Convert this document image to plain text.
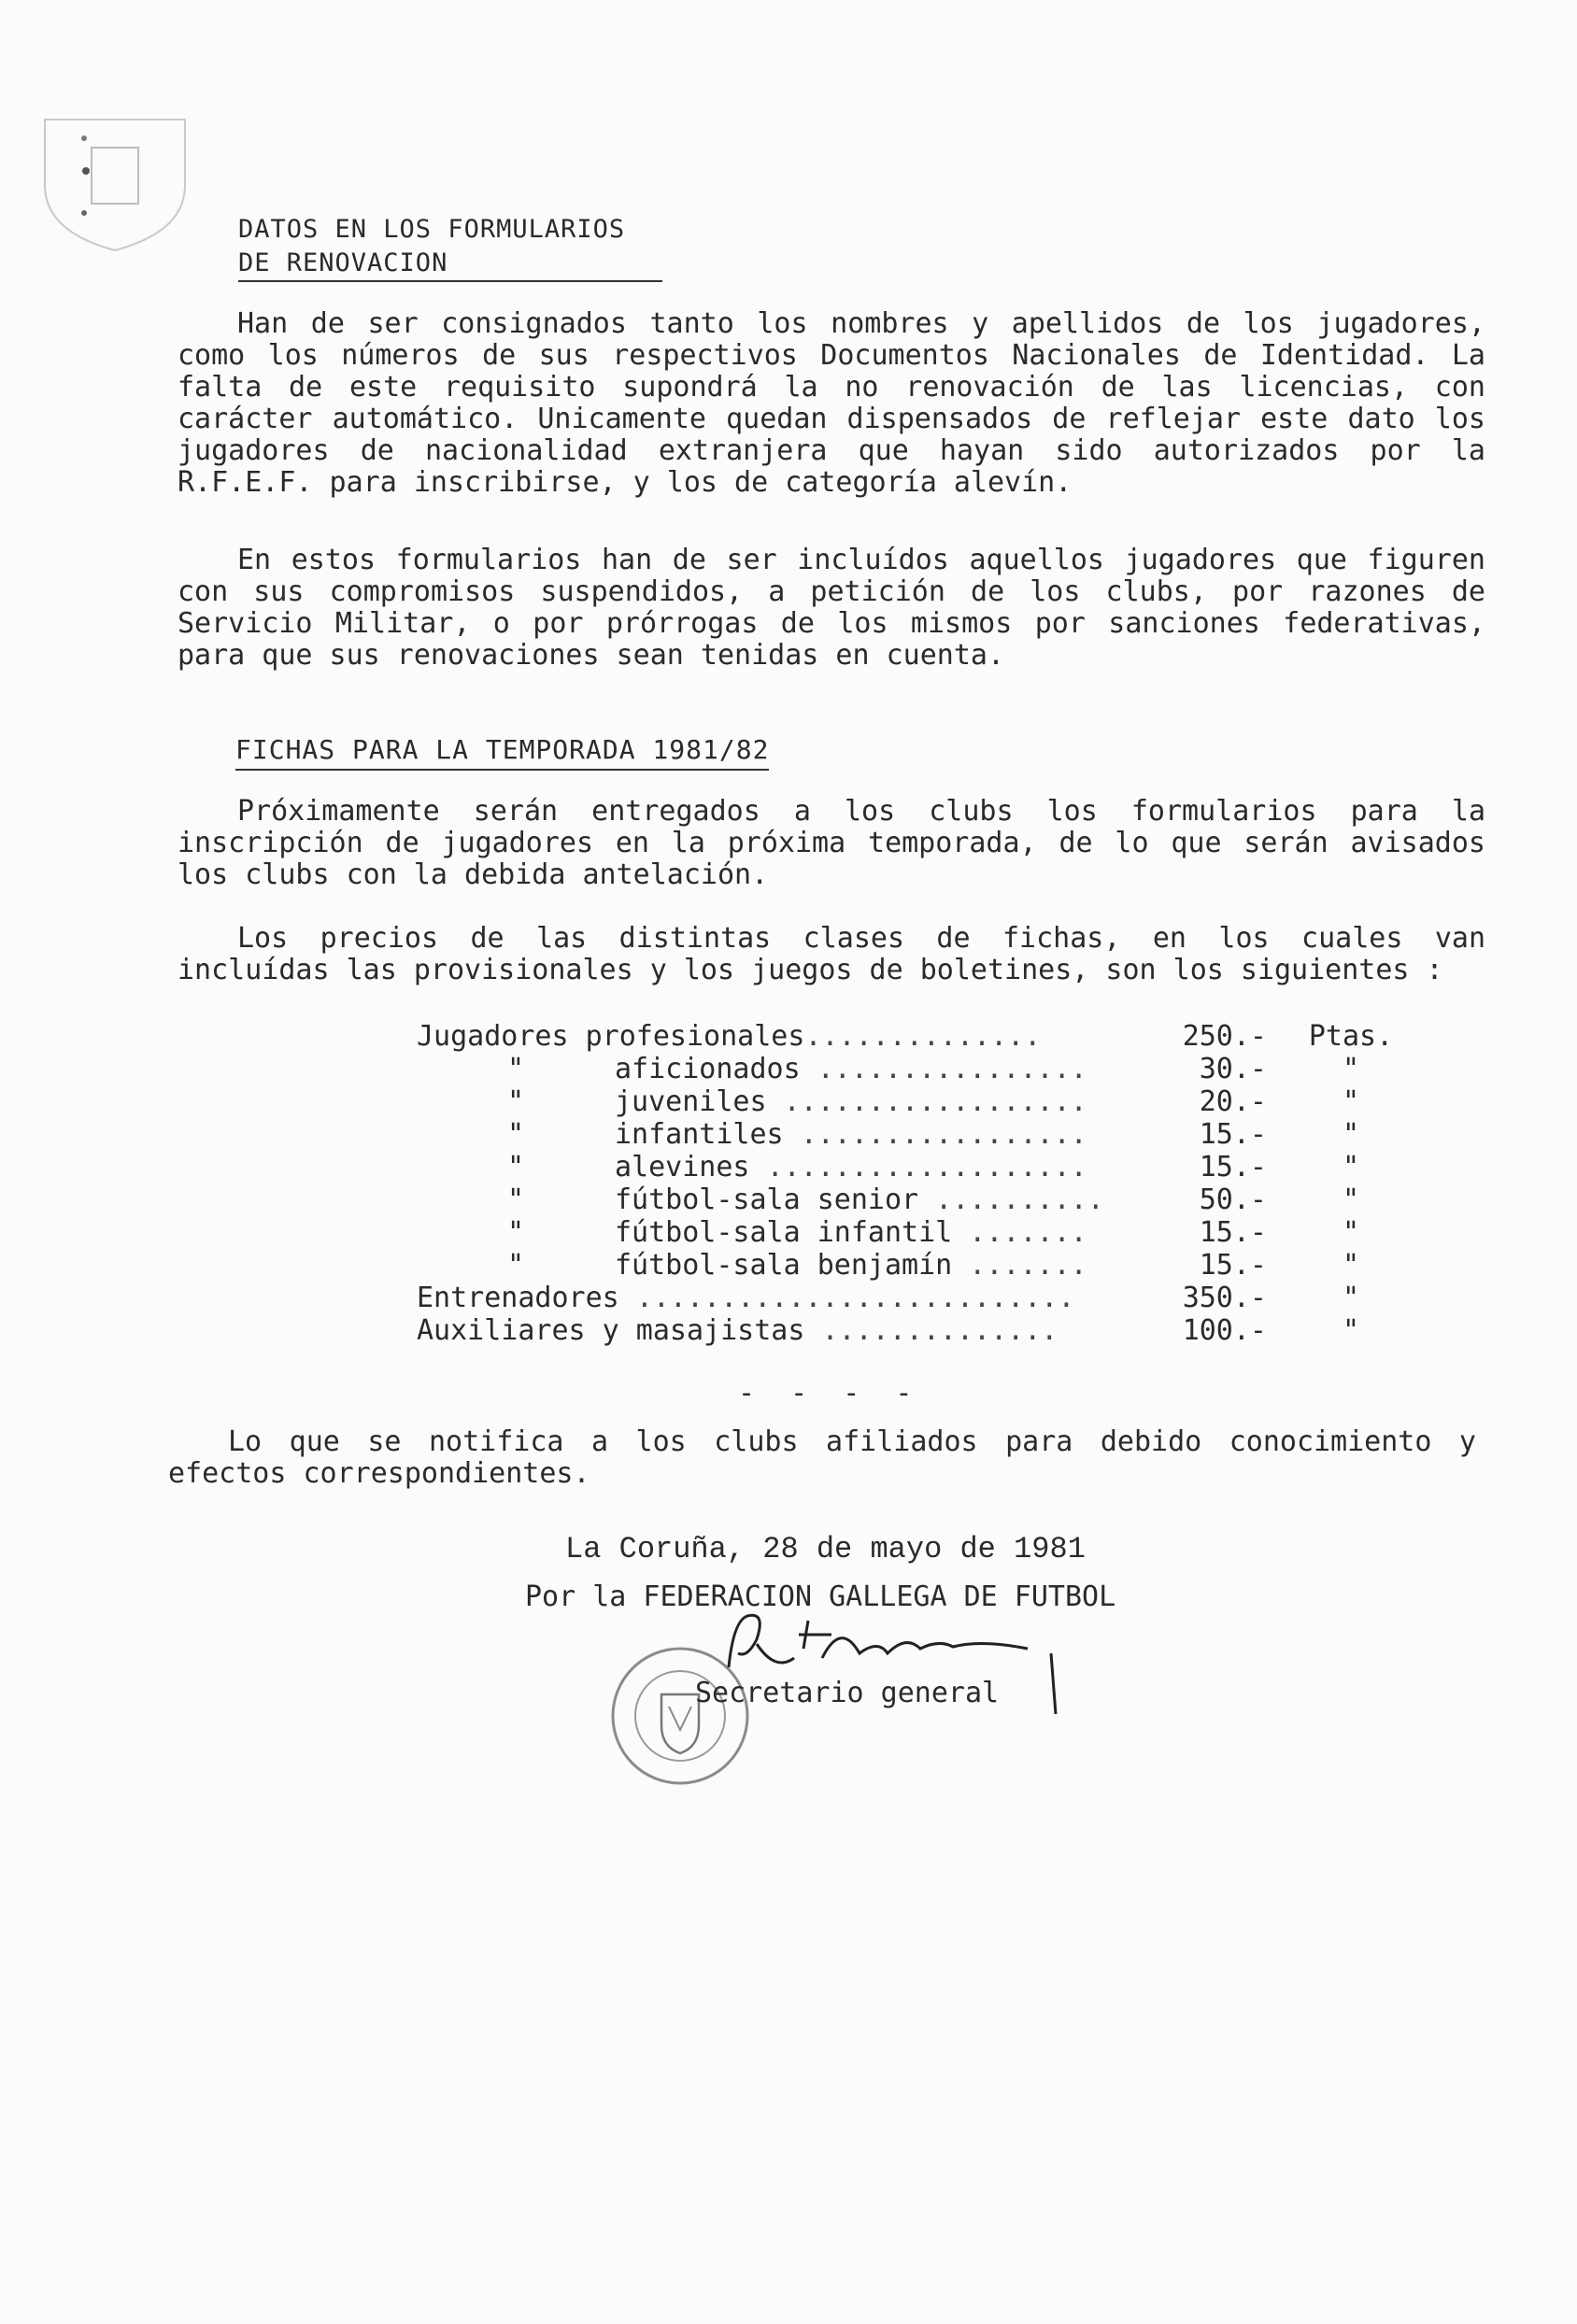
DATOS EN LOS FORMULARIOS
DE RENOVACION

Han de ser consignados tanto los nombres y apellidos de los jugadores, como los números de sus respectivos Documentos Nacionales de Identidad. La falta de este requisito supondrá la no renovación de las licencias, con carácter automático. Unicamente quedan dispensados de reflejar este dato los jugadores de nacionalidad extranjera que hayan sido autorizados por la R.F.E.F. para inscribirse, y los de categoría alevín.

En estos formularios han de ser incluídos aquellos jugadores que figuren con sus compromisos suspendidos, a petición de los clubs, por razones de Servicio Militar, o por prórrogas de los mismos por sanciones federativas, para que sus renovaciones sean tenidas en cuenta.

FICHAS PARA LA TEMPORADA 1981/82

Próximamente serán entregados a los clubs los formularios para la inscripción de jugadores en la próxima temporada, de lo que serán avisados los clubs con la debida antelación.

Los precios de las distintas clases de fichas, en los cuales van incluídas las provisionales y los juegos de boletines, son los siguientes :

Jugadores profesionales..............	250.-	Ptas.
"	aficionados ................	30.-	"
"	juveniles ..................	20.-	"
"	infantiles .................	15.-	"
"	alevines ...................	15.-	"
"	fútbol-sala senior ..........	50.-	"
"	fútbol-sala infantil .......	15.-	"
"	fútbol-sala benjamín .......	15.-	"
Entrenadores ..........................	350.-	"
Auxiliares y masajistas ..............	100.-	"
- - - -

Lo que se notifica a los clubs afiliados para debido conocimiento y efectos correspondientes.

La Coruña, 28 de mayo de 1981
Por la FEDERACION GALLEGA DE FUTBOL
Secretario general
